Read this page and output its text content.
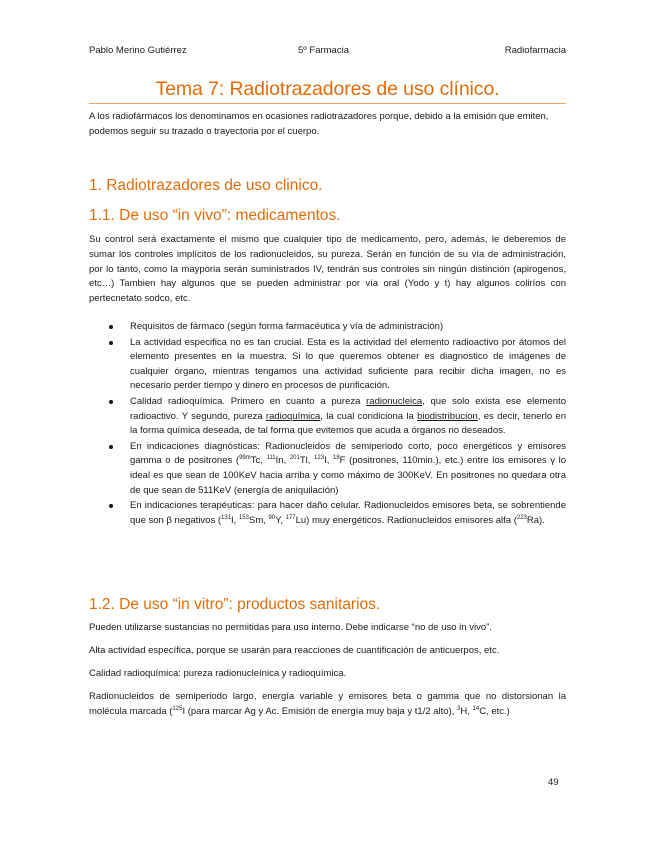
Pablo Merino Gutiérrez	5º Farmacia	Radiofarmacia
Tema 7: Radiotrazadores de uso clínico.
A los radiofármacos los denominamos en ocasiones radiotrazadores porque, debido a la emisión que emiten, podemos seguir su trazado o trayectoria por el cuerpo.
1. Radiotrazadores de uso clinico.
1.1. De uso “in vivo”: medicamentos.
Su control será exactamente el mismo que cualquier tipo de medicamento, pero, además, le deberemos de sumar los controles implícitos de los radionucleidos, su pureza. Serán en función de su vía de administración, por lo tanto, como la mayporia serán suministrados IV, tendrán sus controles sin ningún distinción (apirogenos, etc…) Tambien hay algunos que se pueden administrar por vía oral (Yodo y t) hay algunos coliríos con pertecnetato sodco, etc.
Requisitos de fármaco (según forma farmacéutica y vía de administración)
La actividad especifica no es tan crucial. Esta es la actividad del elemento radioactivo por átomos del elemento presentes en la muestra. Si lo que queremos obtener es diagnostico de imágenes de cualquier órgano, mientras tengamos una actividad suficiente para recibir dicha imagen, no es necesario perder tiempo y dinero en procesos de purificación.
Calidad radioquímica. Primero en cuanto a pureza radionucleica, que solo exista ese elemento radioactivo. Y segundo, pureza radioquímica, la cual condiciona la biodistribucion, es decir, tenerlo en la forma química deseada, de tal forma que evitemos que acuda a órganos no deseados.
En indicaciones diagnósticas: Radionucleidos de semiperiodo corto, poco energéticos y emisores gamma o de positrones ($^{99m}$Tc, $^{111}$In, $^{201}$Tl, $^{123}$I, $^{18}$F (positrones, 110min.), etc.) entre los emisores γ lo ideal es que sean de 100KeV hacia arriba y como máximo de 300KeV. En positrones no quedara otra de que sean de 511KeV (energía de aniquilación)
En indicaciones terapéuticas: para hacer daño celular. Radionucleidos emisores beta, se sobrentiende que son β negativos ($^{131}$I, $^{153}$Sm, $^{90}$Y, $^{177}$Lu) muy energéticos. Radionucleidos emisores alfa ($^{223}$Ra).
1.2. De uso “in vitro”: productos sanitarios.
Pueden utilizarse sustancias no permitidas para uso interno. Debe indicarse “no de uso in vivo”.
Alta actividad específica, porque se usarán para reacciones de cuantificación de anticuerpos, etc.
Calidad radioquímica: pureza radionucleínica y radioquímica.
Radionucleidos de semiperiodo largo, energía variable y emisores beta o gamma que no distorsionan la molécula marcada ($^{125}$I (para marcar Ag y Ac. Emisión de energía muy baja y t1/2 alto), $^3$H, $^{14}$C, etc.)
49
